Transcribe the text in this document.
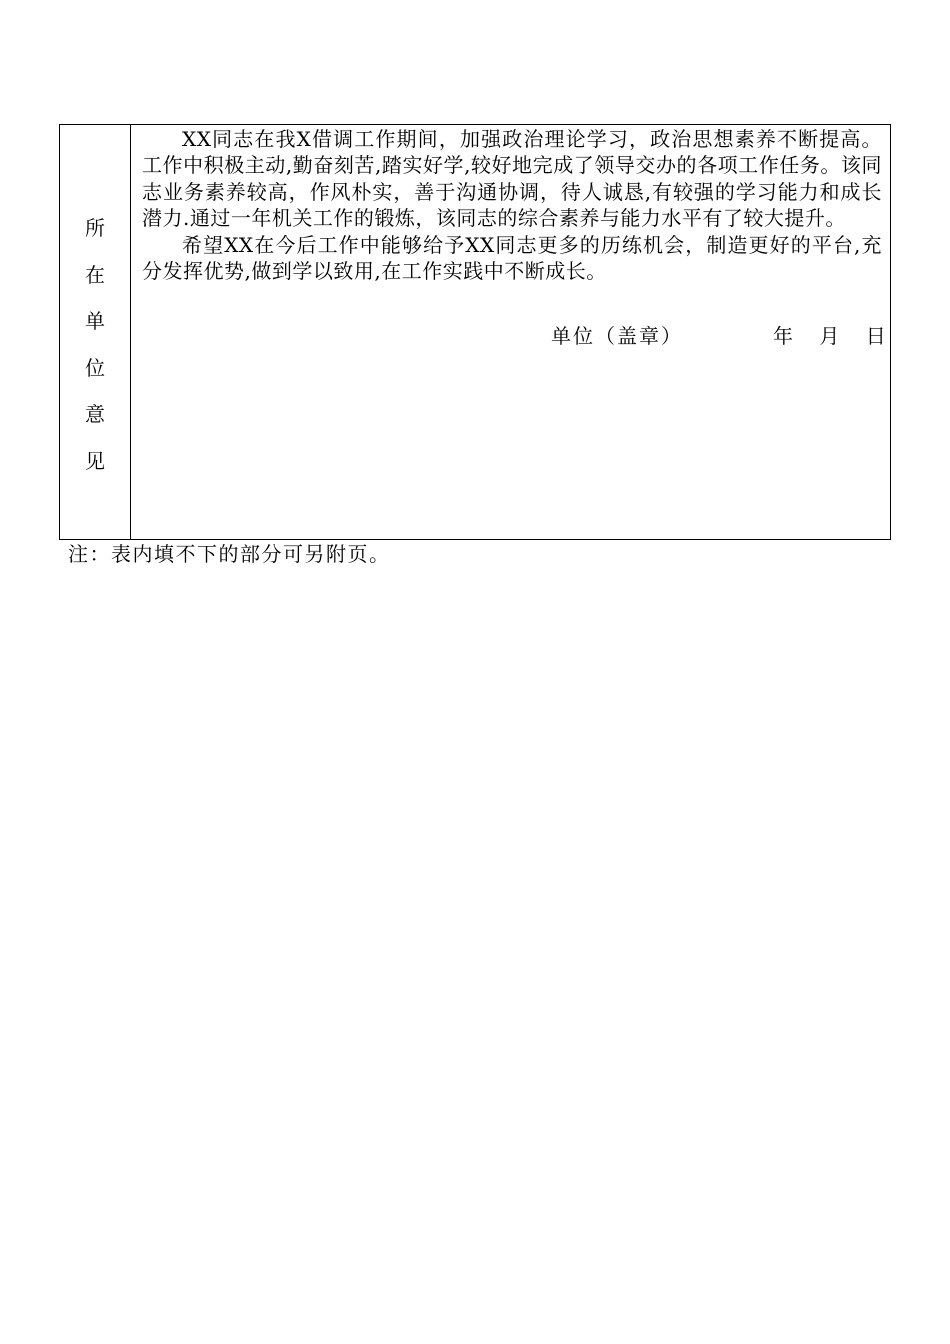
所
在
单
位
意
见

XX同志在我X借调工作期间，加强政治理论学习，政治思想素养不断提高。工作中积极主动,勤奋刻苦,踏实好学,较好地完成了领导交办的各项工作任务。该同志业务素养较高，作风朴实，善于沟通协调，待人诚恳,有较强的学习能力和成长潜力.通过一年机关工作的锻炼，该同志的综合素养与能力水平有了较大提升。

希望XX在今后工作中能够给予XX同志更多的历练机会，制造更好的平台,充分发挥优势,做到学以致用,在工作实践中不断成长。

单位（盖章）	年　 月　 日
注：表内填不下的部分可另附页。
